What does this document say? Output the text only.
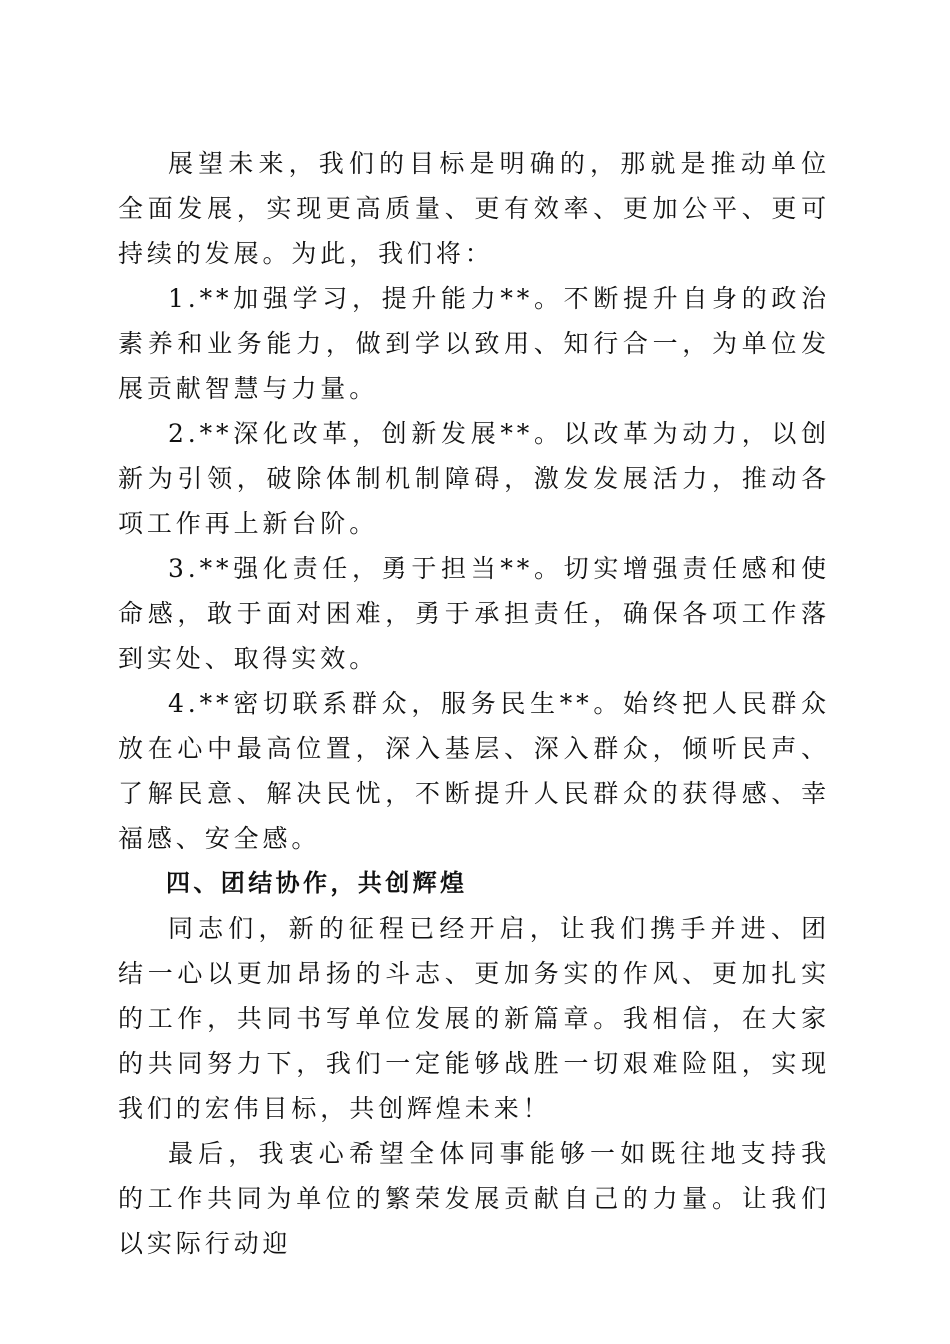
展望未来，我们的目标是明确的，那就是推动单位全面发展，实现更高质量、更有效率、更加公平、更可持续的发展。为此，我们将：

1.**加强学习，提升能力**。不断提升自身的政治素养和业务能力，做到学以致用、知行合一，为单位发展贡献智慧与力量。

2.**深化改革，创新发展**。以改革为动力，以创新为引领，破除体制机制障碍，激发发展活力，推动各项工作再上新台阶。

3.**强化责任，勇于担当**。切实增强责任感和使命感，敢于面对困难，勇于承担责任，确保各项工作落到实处、取得实效。

4.**密切联系群众，服务民生**。始终把人民群众放在心中最高位置，深入基层、深入群众，倾听民声、了解民意、解决民忧，不断提升人民群众的获得感、幸福感、安全感。

四、团结协作，共创辉煌

同志们，新的征程已经开启，让我们携手并进、团结一心以更加昂扬的斗志、更加务实的作风、更加扎实的工作，共同书写单位发展的新篇章。我相信，在大家的共同努力下，我们一定能够战胜一切艰难险阻，实现我们的宏伟目标，共创辉煌未来！

最后，我衷心希望全体同事能够一如既往地支持我的工作共同为单位的繁荣发展贡献自己的力量。让我们以实际行动迎
